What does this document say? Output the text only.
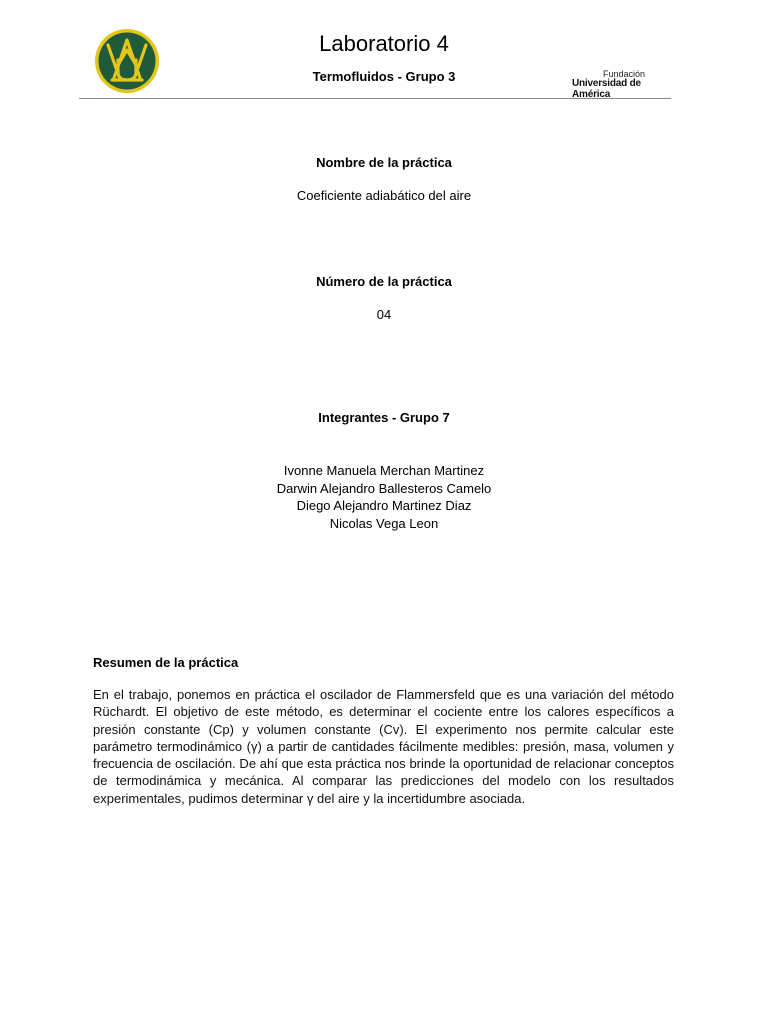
Laboratorio 4
Termofluidos - Grupo 3	Fundación
Universidad de América
Nombre de la práctica
Coeficiente adiabático del aire
Número de la práctica
04
Integrantes - Grupo 7
Ivonne Manuela Merchan Martinez
Darwin Alejandro Ballesteros Camelo
Diego Alejandro Martinez Diaz
Nicolas Vega Leon
Resumen de la práctica
En el trabajo, ponemos en práctica el oscilador de Flammersfeld que es una variación del método Rüchardt. El objetivo de este método, es determinar el cociente entre los calores específicos a presión constante (Cp) y volumen constante (Cv). El experimento nos permite calcular este parámetro termodinámico (γ) a partir de cantidades fácilmente medibles: presión, masa, volumen y frecuencia de oscilación. De ahí que esta práctica nos brinde la oportunidad de relacionar conceptos de termodinámica y mecánica. Al comparar las predicciones del modelo con los resultados experimentales, pudimos determinar γ del aire y la incertidumbre asociada.
